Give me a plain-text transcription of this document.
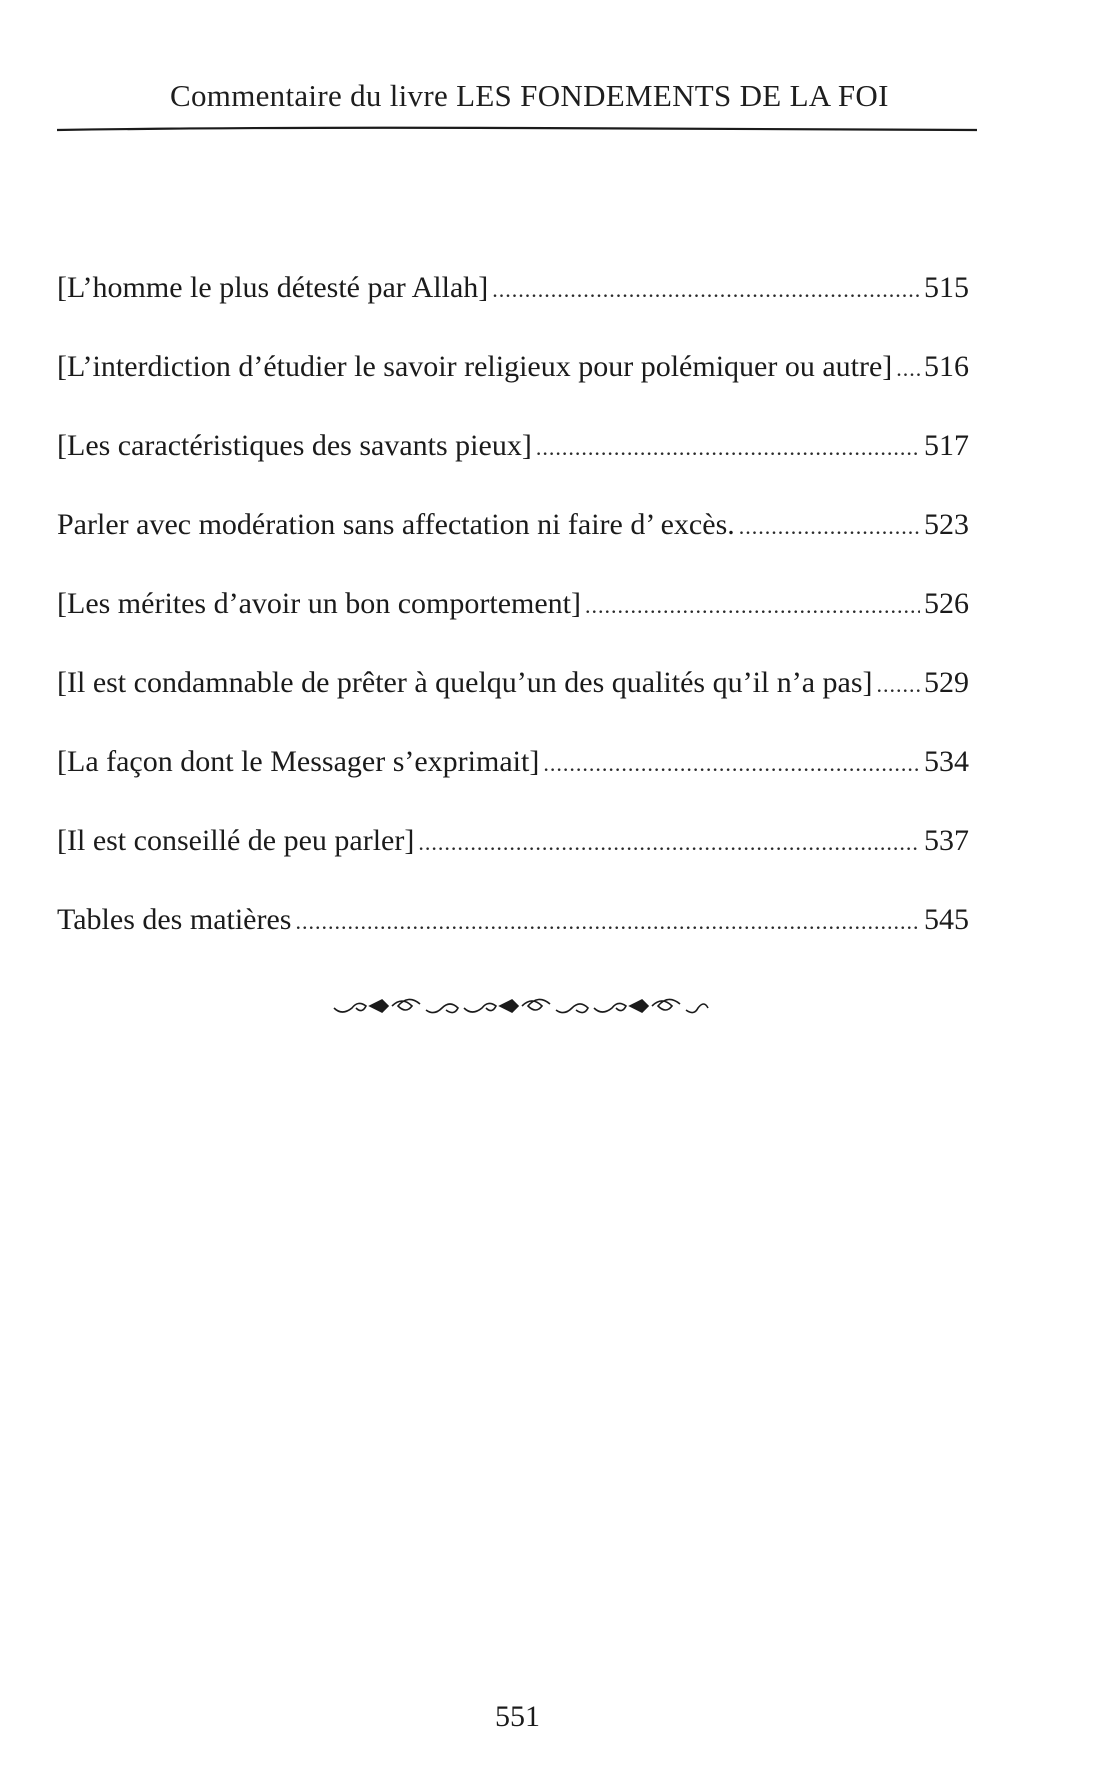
Commentaire du livre LES FONDEMENTS DE LA FOI
[L’homme le plus détesté par Allah] .....	515
[L’interdiction d’étudier le savoir religieux pour polémiquer ou autre] ..... 516
[Les caractéristiques des savants pieux] .....	517
Parler avec modération sans affectation ni faire d’ excès. .....	523
[Les mérites d’avoir un bon comportement] .....	526
[Il est condamnable de prêter à quelqu’un des qualités qu’il n’a pas] ..... 529
[La façon dont le Messager s’exprimait] .....	534
[Il est conseillé de peu parler] .....	537
Tables des matières .....	545
551
